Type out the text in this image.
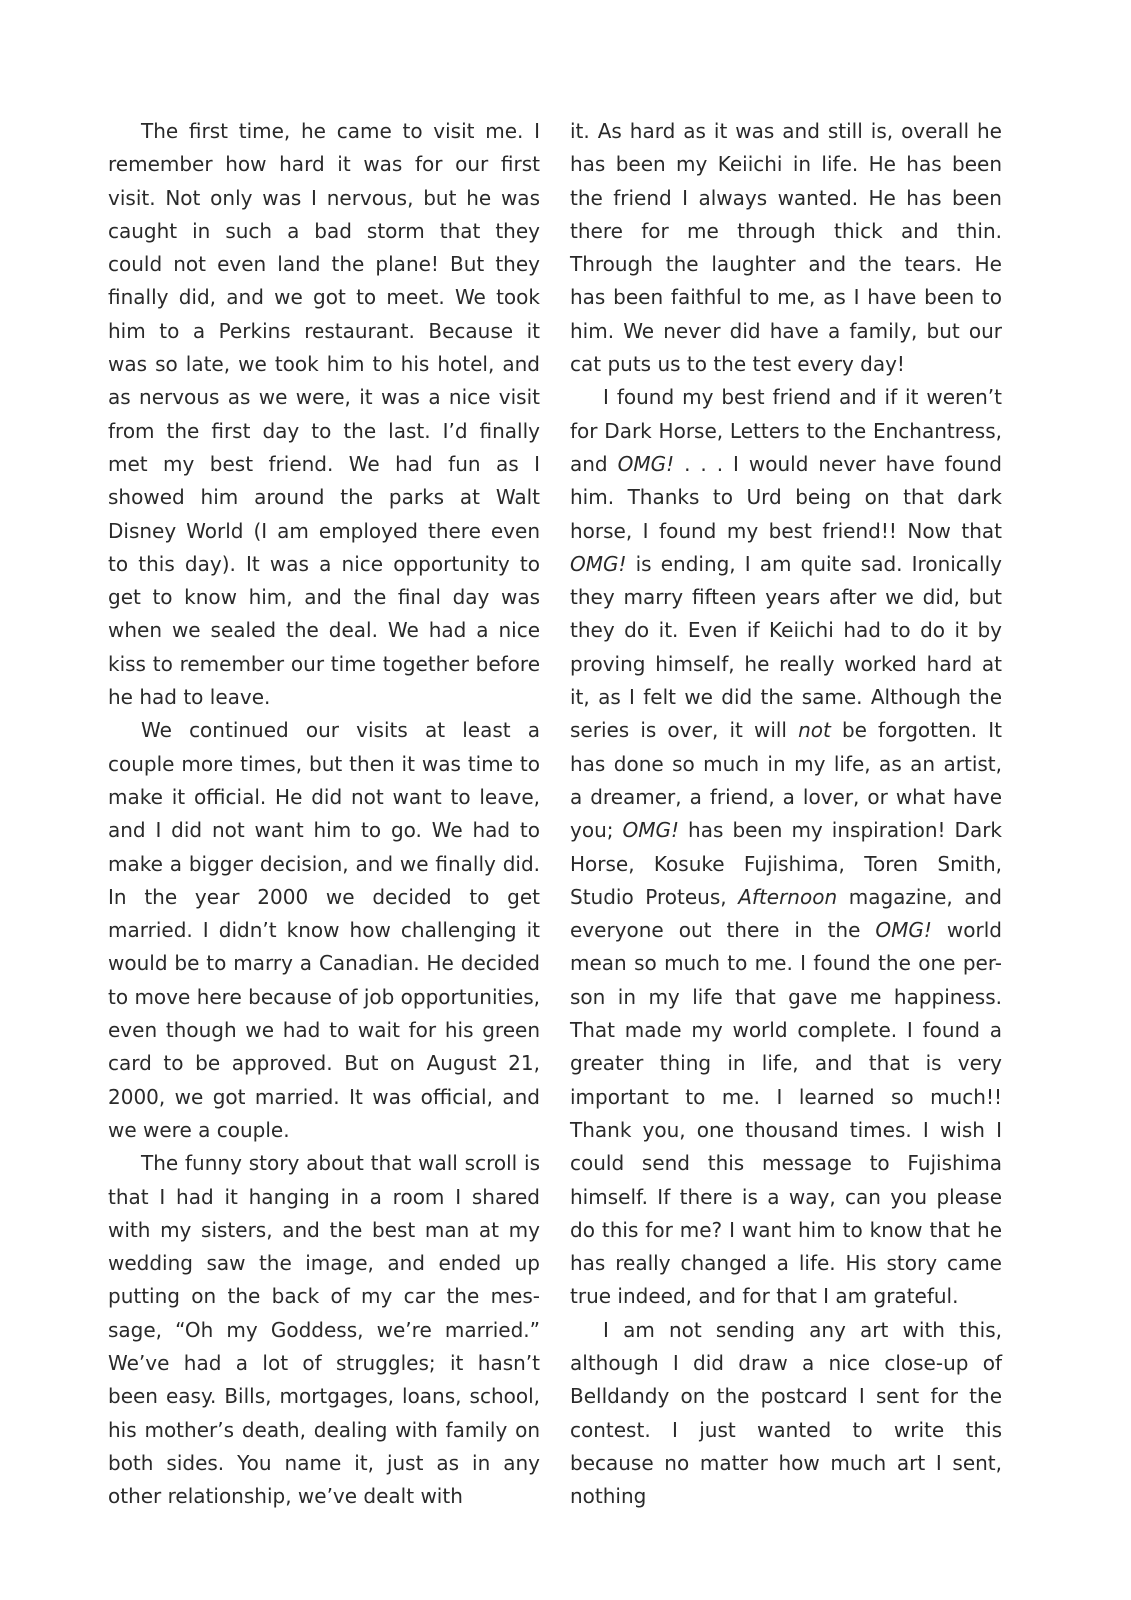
The first time, he came to visit me. I remember how hard it was for our first visit. Not only was I nervous, but he was caught in such a bad storm that they could not even land the plane! But they finally did, and we got to meet. We took him to a Perkins restaurant. Because it was so late, we took him to his hotel, and as nervous as we were, it was a nice visit from the first day to the last. I’d finally met my best friend. We had fun as I showed him around the parks at Walt Disney World (I am employed there even to this day). It was a nice opportunity to get to know him, and the final day was when we sealed the deal. We had a nice kiss to remember our time together before he had to leave.

We continued our visits at least a couple more times, but then it was time to make it official. He did not want to leave, and I did not want him to go. We had to make a bigger decision, and we finally did. In the year 2000 we decided to get married. I didn’t know how challenging it would be to marry a Canadian. He decided to move here because of job opportunities, even though we had to wait for his green card to be approved. But on August 21, 2000, we got married. It was official, and we were a couple.

The funny story about that wall scroll is that I had it hanging in a room I shared with my sisters, and the best man at my wedding saw the image, and ended up putting on the back of my car the mes-sage, “Oh my Goddess, we’re married.” We’ve had a lot of struggles; it hasn’t been easy. Bills, mortgages, loans, school, his mother’s death, dealing with family on both sides. You name it, just as in any other relationship, we’ve dealt with

it. As hard as it was and still is, overall he has been my Keiichi in life. He has been the friend I always wanted. He has been there for me through thick and thin. Through the laughter and the tears. He has been faithful to me, as I have been to him. We never did have a family, but our cat puts us to the test every day!

I found my best friend and if it weren’t for Dark Horse, Letters to the Enchantress, and OMG! . . . I would never have found him. Thanks to Urd being on that dark horse, I found my best friend!! Now that OMG! is ending, I am quite sad. Ironically they marry fifteen years after we did, but they do it. Even if Keiichi had to do it by proving himself, he really worked hard at it, as I felt we did the same. Although the series is over, it will not be forgotten. It has done so much in my life, as an artist, a dreamer, a friend, a lover, or what have you; OMG! has been my inspiration! Dark Horse, Kosuke Fujishima, Toren Smith, Studio Proteus, Afternoon magazine, and everyone out there in the OMG! world mean so much to me. I found the one per-son in my life that gave me happiness. That made my world complete. I found a greater thing in life, and that is very important to me. I learned so much!! Thank you, one thousand times. I wish I could send this message to Fujishima himself. If there is a way, can you please do this for me? I want him to know that he has really changed a life. His story came true indeed, and for that I am grateful.

I am not sending any art with this, although I did draw a nice close-up of Belldandy on the postcard I sent for the contest. I just wanted to write this because no matter how much art I sent, nothing
